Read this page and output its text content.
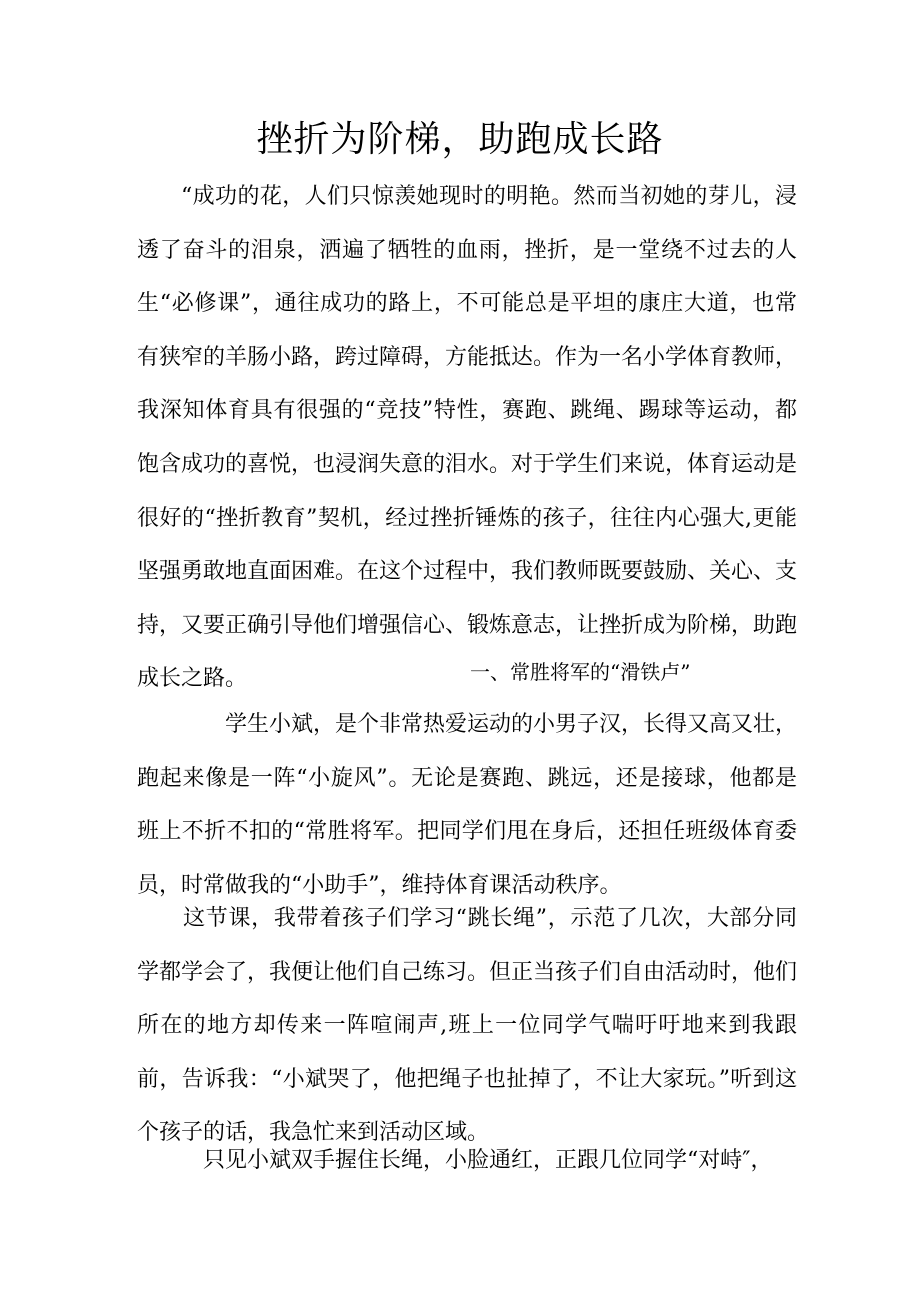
挫折为阶梯，助跑成长路

“成功的花，人们只惊羡她现时的明艳。然而当初她的芽儿，浸透了奋斗的泪泉，洒遍了牺牲的血雨，挫折，是一堂绕不过去的人生“必修课”，通往成功的路上，不可能总是平坦的康庄大道，也常有狭窄的羊肠小路，跨过障碍，方能抵达。作为一名小学体育教师，我深知体育具有很强的“竞技”特性，赛跑、跳绳、踢球等运动，都饱含成功的喜悦，也浸润失意的泪水。对于学生们来说，体育运动是很好的“挫折教育”契机，经过挫折锤炼的孩子，往往内心强大,更能坚强勇敢地直面困难。在这个过程中，我们教师既要鼓励、关心、支持，又要正确引导他们增强信心、锻炼意志，让挫折成为阶梯，助跑成长之路。	一、常胜将军的“滑铁卢”

学生小斌，是个非常热爱运动的小男子汉，长得又高又壮，跑起来像是一阵“小旋风”。无论是赛跑、跳远，还是接球，他都是班上不折不扣的“常胜将军。把同学们甩在身后，还担任班级体育委员，时常做我的“小助手”，维持体育课活动秩序。

这节课，我带着孩子们学习“跳长绳”，示范了几次，大部分同学都学会了，我便让他们自己练习。但正当孩子们自由活动时，他们所在的地方却传来一阵喧闹声,班上一位同学气喘吁吁地来到我跟前，告诉我：“小斌哭了，他把绳子也扯掉了，不让大家玩。”听到这个孩子的话，我急忙来到活动区域。

只见小斌双手握住长绳，小脸通红，正跟几位同学“对峙″，
